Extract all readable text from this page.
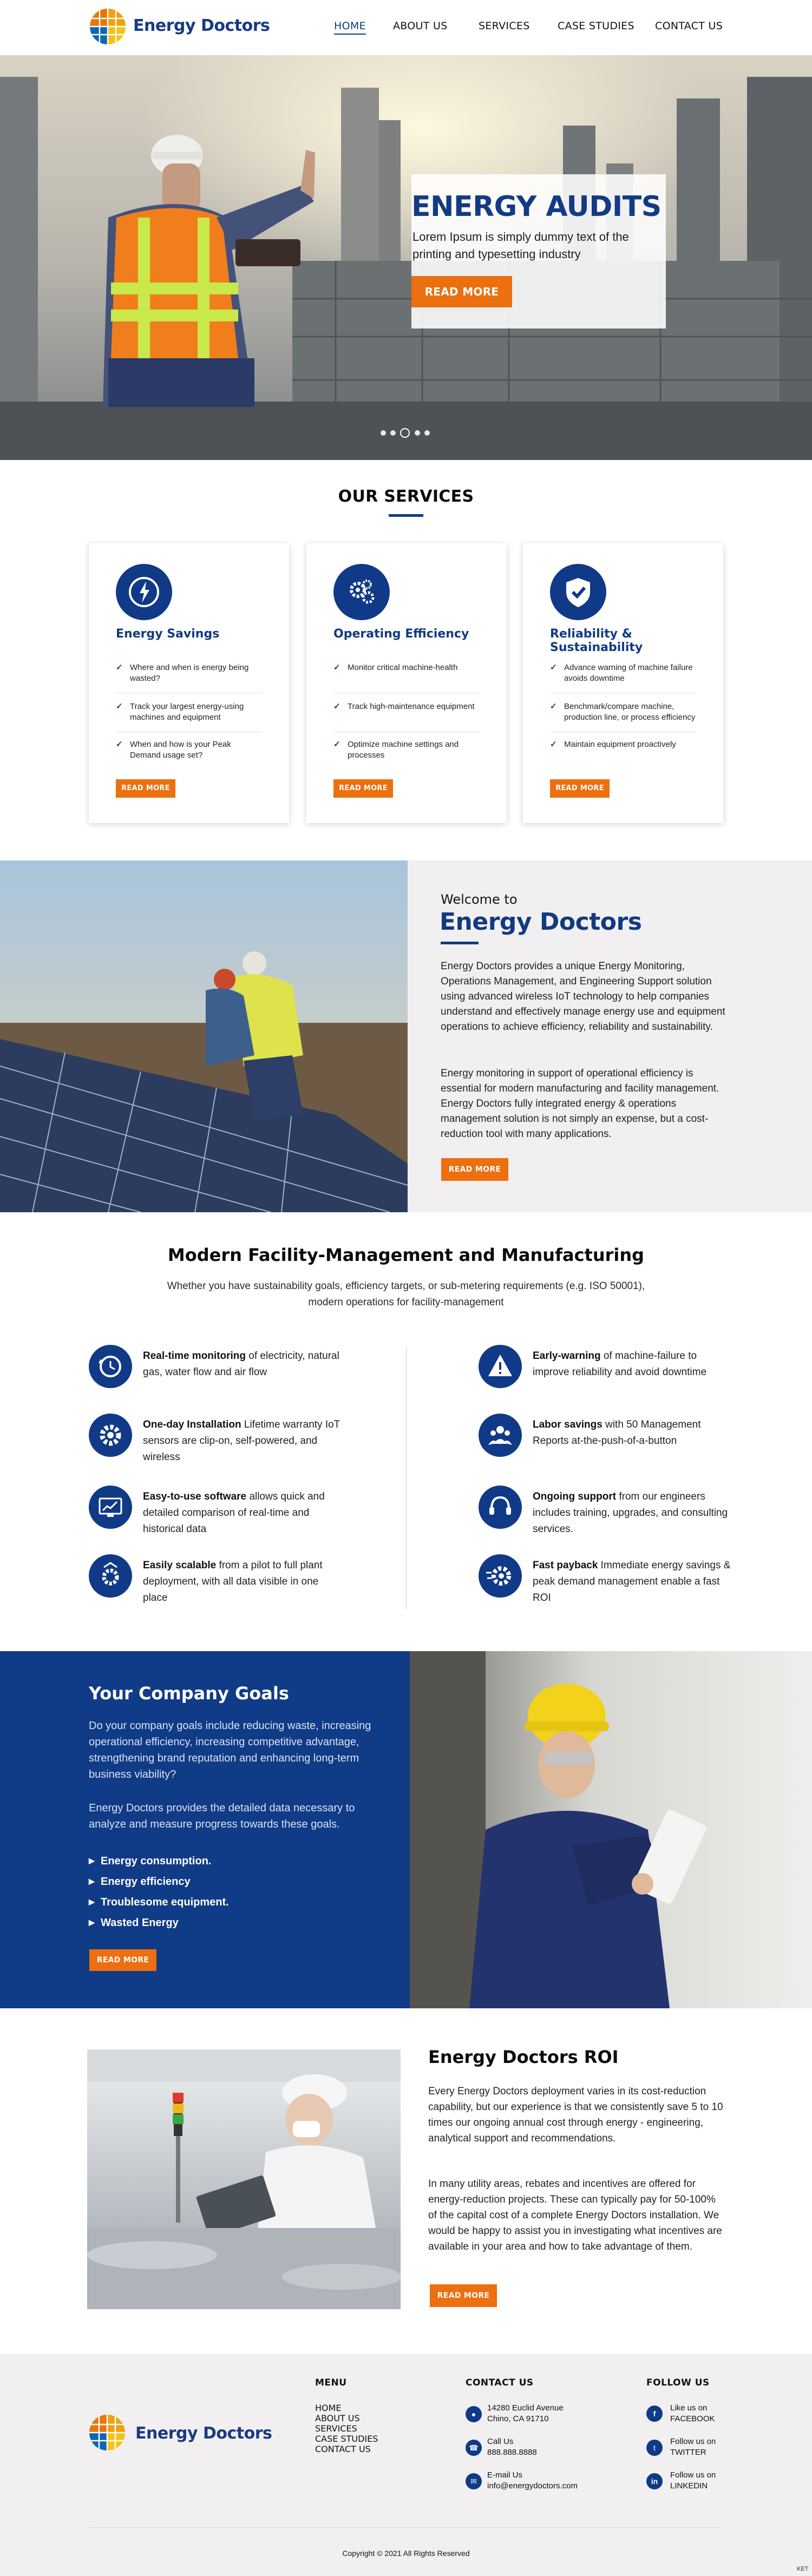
Energy Doctors	HOME	ABOUT US	SERVICES	CASE STUDIES CONTACT US
ENERGY AUDITS
Lorem Ipsum is simply dummy text of the printing and typesetting industry
READ MORE
OUR SERVICES
Energy Savings
✓ Where and when is energy being wasted?
✓ Track your largest energy-using machines and equipment
✓ When and how is your Peak Demand usage set?
READ MORE
Operating Efficiency
✓ Monitor critical machine-health
✓ Track high-maintenance equipment
✓ Optimize machine settings and processes
READ MORE
Reliability & Sustainability
✓ Advance warning of machine failure avoids downtime
✓ Benchmark/compare machine, production line, or process efficiency
✓ Maintain equipment proactively
READ MORE
Welcome to
Energy Doctors
Energy Doctors provides a unique Energy Monitoring, Operations Management, and Engineering Support solution using advanced wireless IoT technology to help companies understand and effectively manage energy use and equipment operations to achieve efficiency, reliability and sustainability.
Energy monitoring in support of operational efficiency is essential for modern manufacturing and facility management. Energy Doctors fully integrated energy & operations management solution is not simply an expense, but a cost-reduction tool with many applications.
READ MORE
Modern Facility-Management and Manufacturing
Whether you have sustainability goals, efficiency targets, or sub-metering requirements (e.g. ISO 50001), modern operations for facility-management
Real-time monitoring of electricity, natural gas, water flow and air flow
One-day Installation Lifetime warranty IoT sensors are clip-on, self-powered, and wireless
Easy-to-use software allows quick and detailed comparison of real-time and historical data
Easily scalable from a pilot to full plant deployment, with all data visible in one place
Early-warning of machine-failure to improve reliability and avoid downtime
Labor savings with 50 Management Reports at-the-push-of-a-button
Ongoing support from our engineers includes training, upgrades, and consulting services.
Fast payback Immediate energy savings & peak demand management enable a fast ROI
Your Company Goals
Do your company goals include reducing waste, increasing operational efficiency, increasing competitive advantage, strengthening brand reputation and enhancing long-term business viability?
Energy Doctors provides the detailed data necessary to analyze and measure progress towards these goals.
▶ Energy consumption.
▶ Energy efficiency
▶ Troublesome equipment.
▶ Wasted Energy
READ MORE
Energy Doctors ROI
Every Energy Doctors deployment varies in its cost-reduction capability, but our experience is that we consistently save 5 to 10 times our ongoing annual cost through energy - engineering, analytical support and recommendations.
In many utility areas, rebates and incentives are offered for energy-reduction projects. These can typically pay for 50-100% of the capital cost of a complete Energy Doctors installation. We would be happy to assist you in investigating what incentives are available in your area and how to take advantage of them.
READ MORE
Energy Doctors
MENU
HOME
ABOUT US
SERVICES
CASE STUDIES
CONTACT US
CONTACT US
●
14280 Euclid Avenue
Chino, CA 91710
☎
Call Us
888.888.8888
✉
E-mail Us
info@energydoctors.com
FOLLOW US
f
Like us on
FACEBOOK
t
Follow us on
TWITTER
in
Follow us on
LINKEDIN
Copyright © 2021 All Rights Reserved
KET
